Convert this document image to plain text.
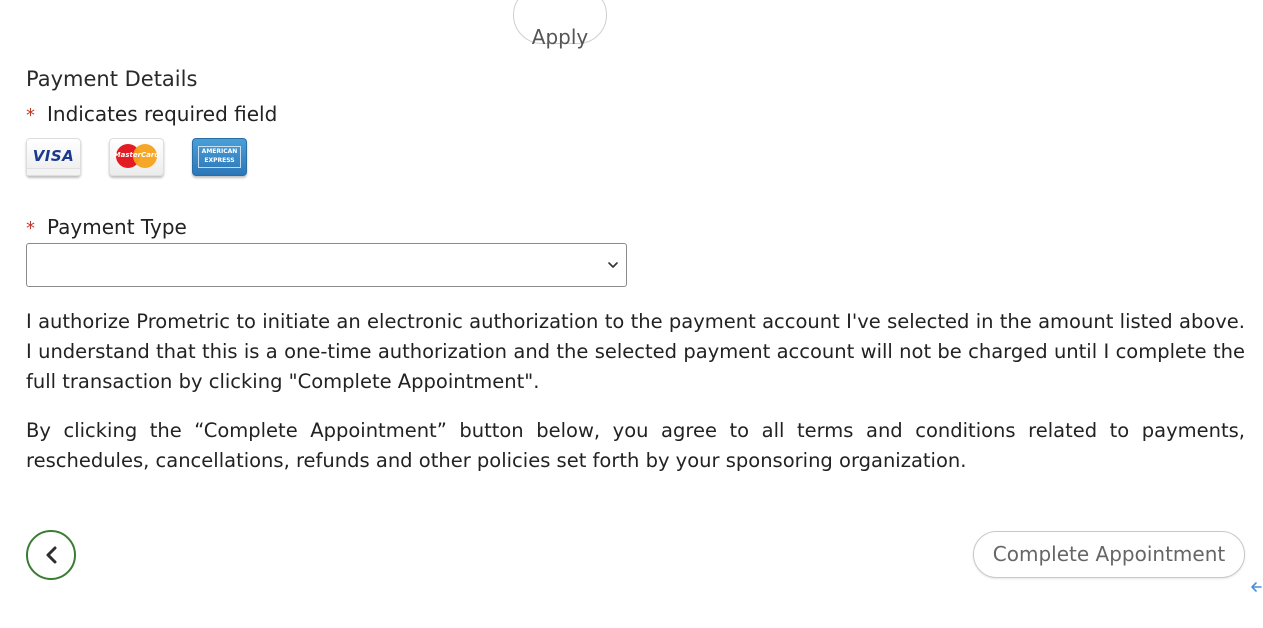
Apply
Payment Details
* Indicates required field
VISA	MasterCard	AMERICAN EXPRESS
* Payment Type

I authorize Prometric to initiate an electronic authorization to the payment account I've selected in the amount listed above. I understand that this is a one-time authorization and the selected payment account will not be charged until I complete the full transaction by clicking "Complete Appointment".

By clicking the “Complete Appointment” button below, you agree to all terms and conditions related to payments, reschedules, cancellations, refunds and other policies set forth by your sponsoring organization.

Complete Appointment
